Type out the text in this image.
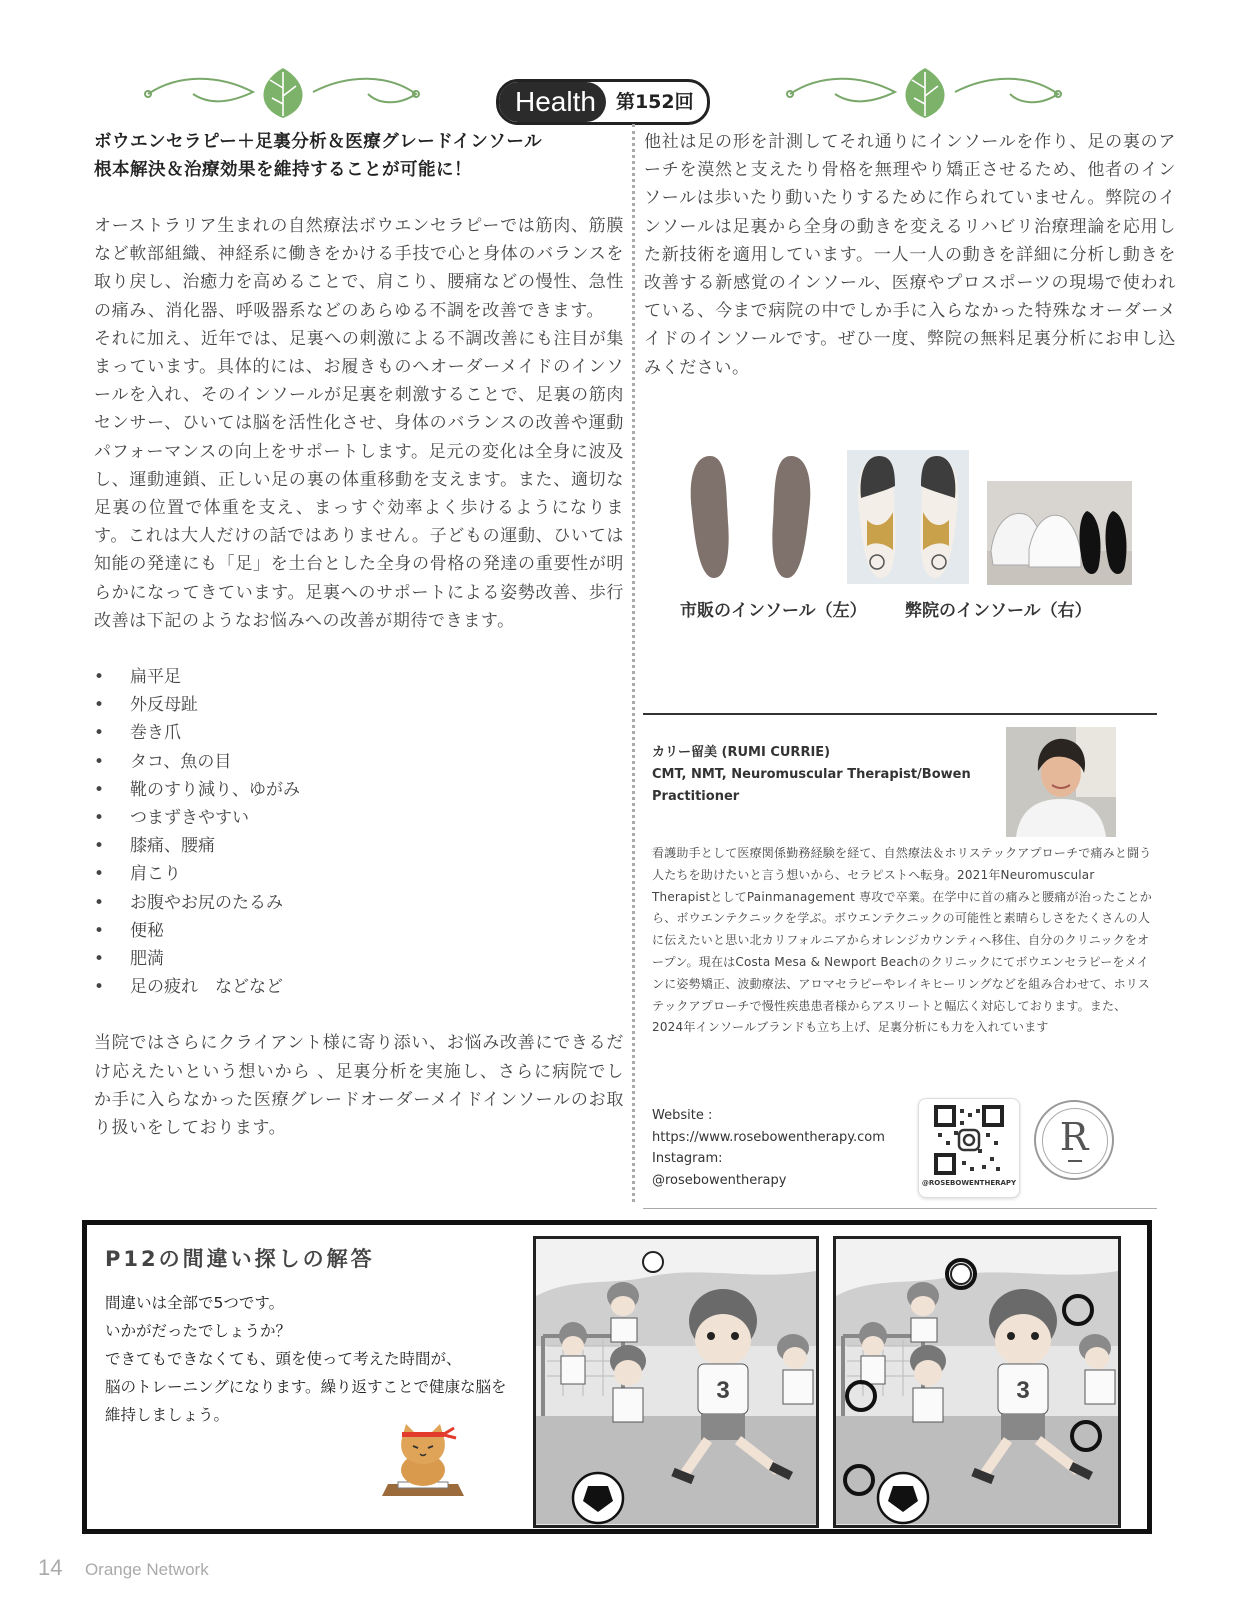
Health	第152回
ボウエンセラピー＋足裏分析＆医療グレードインソール
根本解決＆治療効果を維持することが可能に！
オーストラリア生まれの自然療法ボウエンセラピーでは筋肉、筋膜など軟部組織、神経系に働きをかける手技で心と身体のバランスを取り戻し、治癒力を高めることで、肩こり、腰痛などの慢性、急性の痛み、消化器、呼吸器系などのあらゆる不調を改善できます。
それに加え、近年では、足裏への刺激による不調改善にも注目が集まっています。具体的には、お履きものへオーダーメイドのインソールを入れ、そのインソールが足裏を刺激することで、足裏の筋肉センサー、ひいては脳を活性化させ、身体のバランスの改善や運動パフォーマンスの向上をサポートします。足元の変化は全身に波及し、運動連鎖、正しい足の裏の体重移動を支えます。また、適切な足裏の位置で体重を支え、まっすぐ効率よく歩けるようになります。これは大人だけの話ではありません。子どもの運動、ひいては知能の発達にも「足」を土台とした全身の骨格の発達の重要性が明らかになってきています。足裏へのサポートによる姿勢改善、歩行改善は下記のようなお悩みへの改善が期待できます。
• 扁平足
• 外反母趾
• 巻き爪
• タコ、魚の目
• 靴のすり減り、ゆがみ
• つまずきやすい
• 膝痛、腰痛
• 肩こり
• お腹やお尻のたるみ
• 便秘
• 肥満
• 足の疲れ　などなど
当院ではさらにクライアント様に寄り添い、お悩み改善にできるだけ応えたいという想いから 、足裏分析を実施し、さらに病院でしか手に入らなかった医療グレードオーダーメイドインソールのお取り扱いをしております。
他社は足の形を計測してそれ通りにインソールを作り、足の裏のアーチを漠然と支えたり骨格を無理やり矯正させるため、他者のインソールは歩いたり動いたりするために作られていません。弊院のインソールは足裏から全身の動きを変えるリハビリ治療理論を応用した新技術を適用しています。一人一人の動きを詳細に分析し動きを改善する新感覚のインソール、医療やプロスポーツの現場で使われている、今まで病院の中でしか手に入らなかった特殊なオーダーメイドのインソールです。ぜひ一度、弊院の無料足裏分析にお申し込みください。
市販のインソール（左） 弊院のインソール（右）
カリー留美 (RUMI CURRIE)
CMT, NMT, Neuromuscular Therapist/Bowen Practitioner
看護助手として医療関係勤務経験を経て、自然療法＆ホリステックアプローチで痛みと闘う人たちを助けたいと言う想いから、セラピストへ転身。2021年Neuromuscular TherapistとしてPainmanagement 専攻で卒業。在学中に首の痛みと腰痛が治ったことから、ボウエンテクニックを学ぶ。ボウエンテクニックの可能性と素晴らしさをたくさんの人に伝えたいと思い北カリフォルニアからオレンジカウンティへ移住、自分のクリニックをオープン。現在はCosta Mesa & Newport Beachのクリニックにてボウエンセラピーをメインに姿勢矯正、波動療法、アロマセラピーやレイキヒーリングなどを組み合わせて、ホリステックアプローチで慢性疾患患者様からアスリートと幅広く対応しております。また、2024年インソールブランドも立ち上げ、足裏分析にも力を入れています
Website :
https://www.rosebowentherapy.com
Instagram:
@rosebowentherapy	@ROSEBOWENTHERAPY
R
P12の間違い探しの解答
間違いは全部で5つです。
いかがだったでしょうか？
できてもできなくても、頭を使って考えた時間が、
脳のトレーニングになります。繰り返すことで健康な脳を
維持しましょう。
3	3
14 Orange Network
